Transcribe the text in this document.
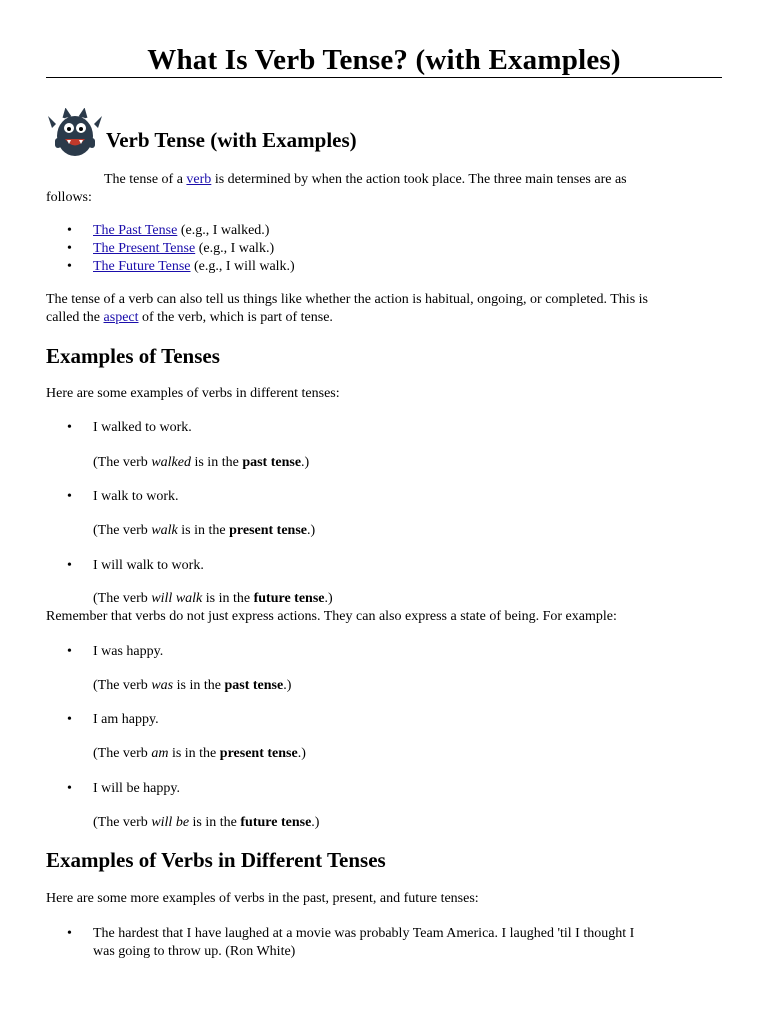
What Is Verb Tense? (with Examples)
Verb Tense (with Examples)
The tense of a verb is determined by when the action took place. The three main tenses are as
follows:
• The Past Tense (e.g., I walked.)
• The Present Tense (e.g., I walk.)
• The Future Tense (e.g., I will walk.)
The tense of a verb can also tell us things like whether the action is habitual, ongoing, or completed. This is
called the aspect of the verb, which is part of tense.
Examples of Tenses
Here are some examples of verbs in different tenses:
• I walked to work.
(The verb walked is in the past tense.)
• I walk to work.
(The verb walk is in the present tense.)
• I will walk to work.
(The verb will walk is in the future tense.)
Remember that verbs do not just express actions. They can also express a state of being. For example:
• I was happy.
(The verb was is in the past tense.)
• I am happy.
(The verb am is in the present tense.)
• I will be happy.
(The verb will be is in the future tense.)
Examples of Verbs in Different Tenses
Here are some more examples of verbs in the past, present, and future tenses:
• The hardest that I have laughed at a movie was probably Team America. I laughed 'til I thought I
was going to throw up. (Ron White)
